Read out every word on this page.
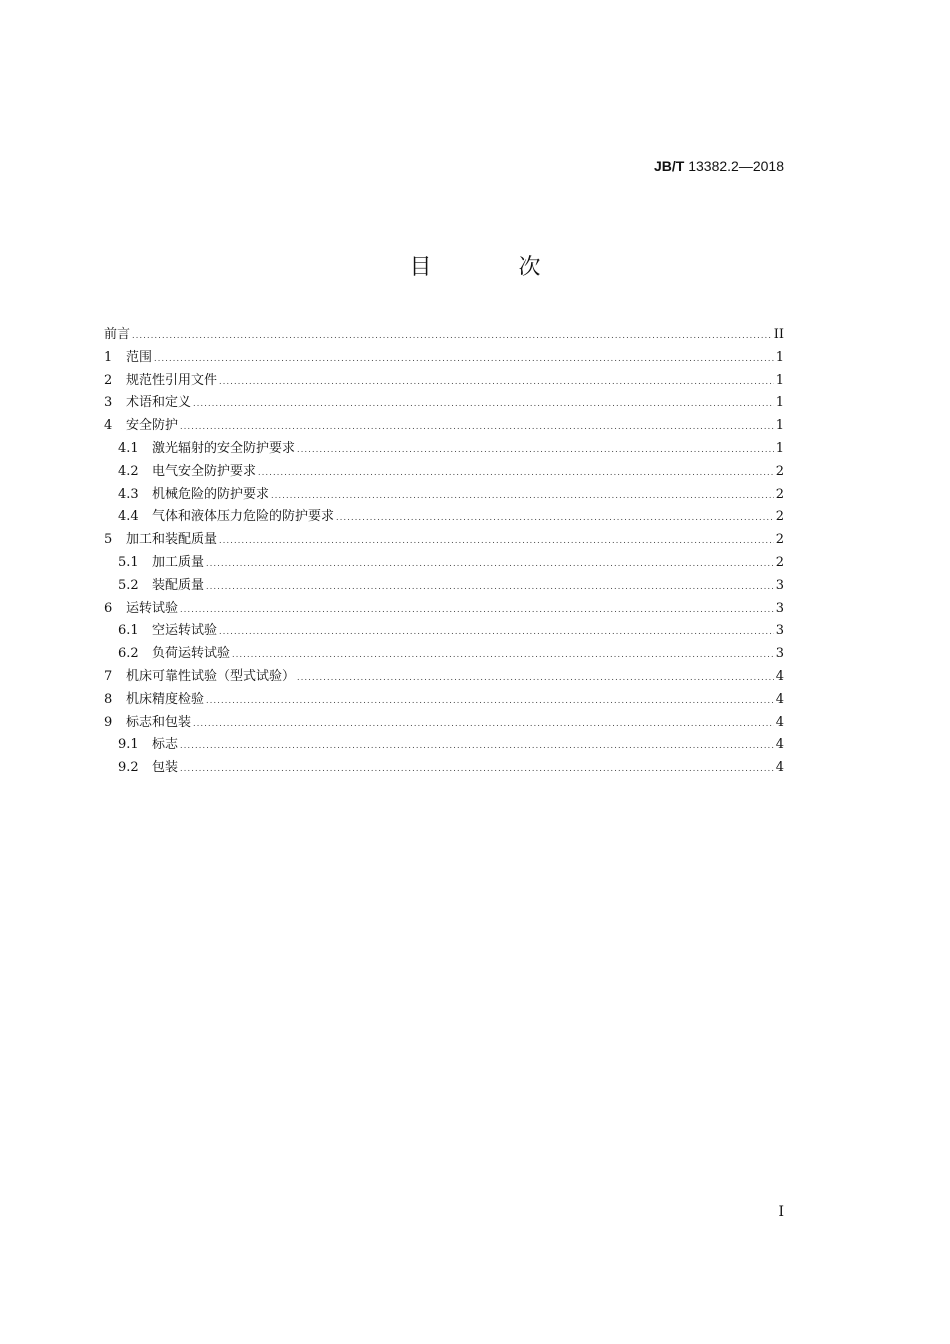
JB/T 13382.2—2018
目 次
前言 .....	II
1	范围 .....	1
2	规范性引用文件 .....	1
3	术语和定义 .....	1
4	安全防护 .....	1
4.1	激光辐射的安全防护要求 .....	1
4.2	电气安全防护要求 .....	2
4.3	机械危险的防护要求 .....	2
4.4	气体和液体压力危险的防护要求 .....	2
5	加工和装配质量 .....	2
5.1	加工质量 .....	2
5.2	装配质量 .....	3
6	运转试验 .....	3
6.1	空运转试验 .....	3
6.2	负荷运转试验 .....	3
7	机床可靠性试验（型式试验） .....	4
8	机床精度检验 .....	4
9	标志和包装 .....	4
9.1	标志 .....	4
9.2	包装 .....	4
I
